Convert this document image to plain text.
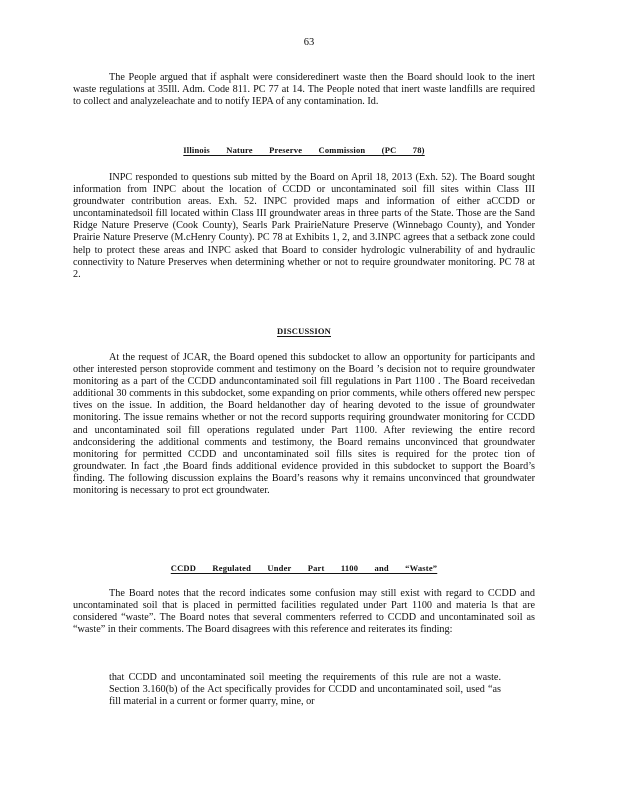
63

The People argued that if asphalt were consideredinert waste then the Board should look to the inert waste regulations at 35Ill. Adm. Code 811. PC 77 at 14. The People noted that inert waste landfills are required to collect and analyzeleachate and to notify IEPA of any contamination. Id.

Illinois Nature Preserve Commission (PC 78)

INPC responded to questions sub mitted by the Board on April 18, 2013 (Exh. 52). The Board sought information from INPC about the location of CCDD or uncontaminated soil fill sites within Class III groundwater contribution areas. Exh. 52. INPC provided maps and information of either aCCDD or uncontaminatedsoil fill located within Class III groundwater areas in three parts of the State. Those are the Sand Ridge Nature Preserve (Cook County), Searls Park PrairieNature Preserve (Winnebago County), and Yonder Prairie Nature Preserve (M.cHenry County). PC 78 at Exhibits 1, 2, and 3.INPC agrees that a setback zone could help to protect these areas and INPC asked that Board to consider hydrologic vulnerability of and hydraulic connectivity to Nature Preserves when determining whether or not to require groundwater monitoring. PC 78 at 2.

DISCUSSION

At the request of JCAR, the Board opened this subdocket to allow an opportunity for participants and other interested person stoprovide comment and testimony on the Board ’s decision not to require groundwater monitoring as a part of the CCDD anduncontaminated soil fill regulations in Part 1100 . The Board receivedan additional 30 comments in this subdocket, some expanding on prior comments, while others offered new perspec tives on the issue. In addition, the Board heldanother day of hearing devoted to the issue of groundwater monitoring. The issue remains whether or not the record supports requiring groundwater monitoring for CCDD and uncontaminated soil fill operations regulated under Part 1100. After reviewing the entire record andconsidering the additional comments and testimony, the Board remains unconvinced that groundwater monitoring for permitted CCDD and uncontaminated soil fills sites is required for the protec tion of groundwater. In fact ,the Board finds additional evidence provided in this subdocket to support the Board’s finding. The following discussion explains the Board’s reasons why it remains unconvinced that groundwater monitoring is necessary to prot ect groundwater.

CCDD Regulated Under Part 1100 and “Waste”

The Board notes that the record indicates some confusion may still exist with regard to CCDD and uncontaminated soil that is placed in permitted facilities regulated under Part 1100 and materia ls that are considered “waste”. The Board notes that several commenters referred to CCDD and uncontaminated soil as “waste” in their comments. The Board disagrees with this reference and reiterates its finding:

that CCDD and uncontaminated soil meeting the requirements of this rule are not a waste. Section 3.160(b) of the Act specifically provides for CCDD and uncontaminated soil, used “as fill material in a current or former quarry, mine, or
